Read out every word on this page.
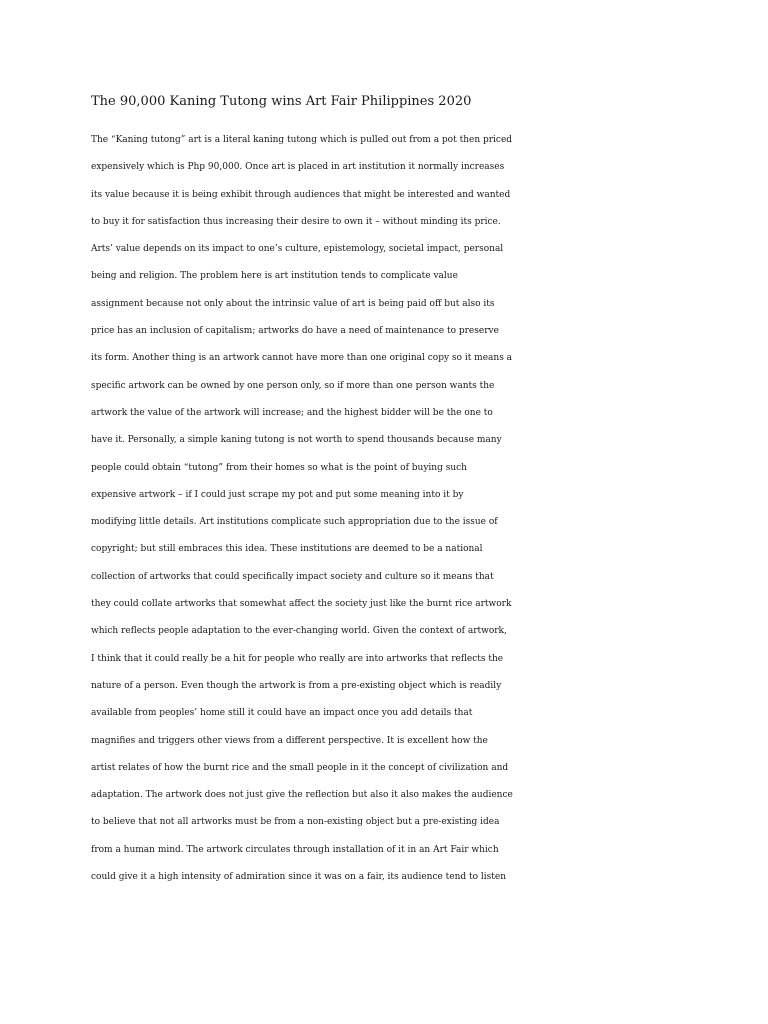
The 90,000 Kaning Tutong wins Art Fair Philippines 2020
The “Kaning tutong” art is a literal kaning tutong which is pulled out from a pot then priced
expensively which is Php 90,000. Once art is placed in art institution it normally increases
its value because it is being exhibit through audiences that might be interested and wanted
to buy it for satisfaction thus increasing their desire to own it – without minding its price.
Arts’ value depends on its impact to one’s culture, epistemology, societal impact, personal
being and religion. The problem here is art institution tends to complicate value
assignment because not only about the intrinsic value of art is being paid off but also its
price has an inclusion of capitalism; artworks do have a need of maintenance to preserve
its form. Another thing is an artwork cannot have more than one original copy so it means a
specific artwork can be owned by one person only, so if more than one person wants the
artwork the value of the artwork will increase; and the highest bidder will be the one to
have it. Personally, a simple kaning tutong is not worth to spend thousands because many
people could obtain “tutong” from their homes so what is the point of buying such
expensive artwork – if I could just scrape my pot and put some meaning into it by
modifying little details. Art institutions complicate such appropriation due to the issue of
copyright; but still embraces this idea. These institutions are deemed to be a national
collection of artworks that could specifically impact society and culture so it means that
they could collate artworks that somewhat affect the society just like the burnt rice artwork
which reflects people adaptation to the ever-changing world. Given the context of artwork,
I think that it could really be a hit for people who really are into artworks that reflects the
nature of a person. Even though the artwork is from a pre-existing object which is readily
available from peoples’ home still it could have an impact once you add details that
magnifies and triggers other views from a different perspective. It is excellent how the
artist relates of how the burnt rice and the small people in it the concept of civilization and
adaptation. The artwork does not just give the reflection but also it also makes the audience
to believe that not all artworks must be from a non-existing object but a pre-existing idea
from a human mind. The artwork circulates through installation of it in an Art Fair which
could give it a high intensity of admiration since it was on a fair, its audience tend to listen
